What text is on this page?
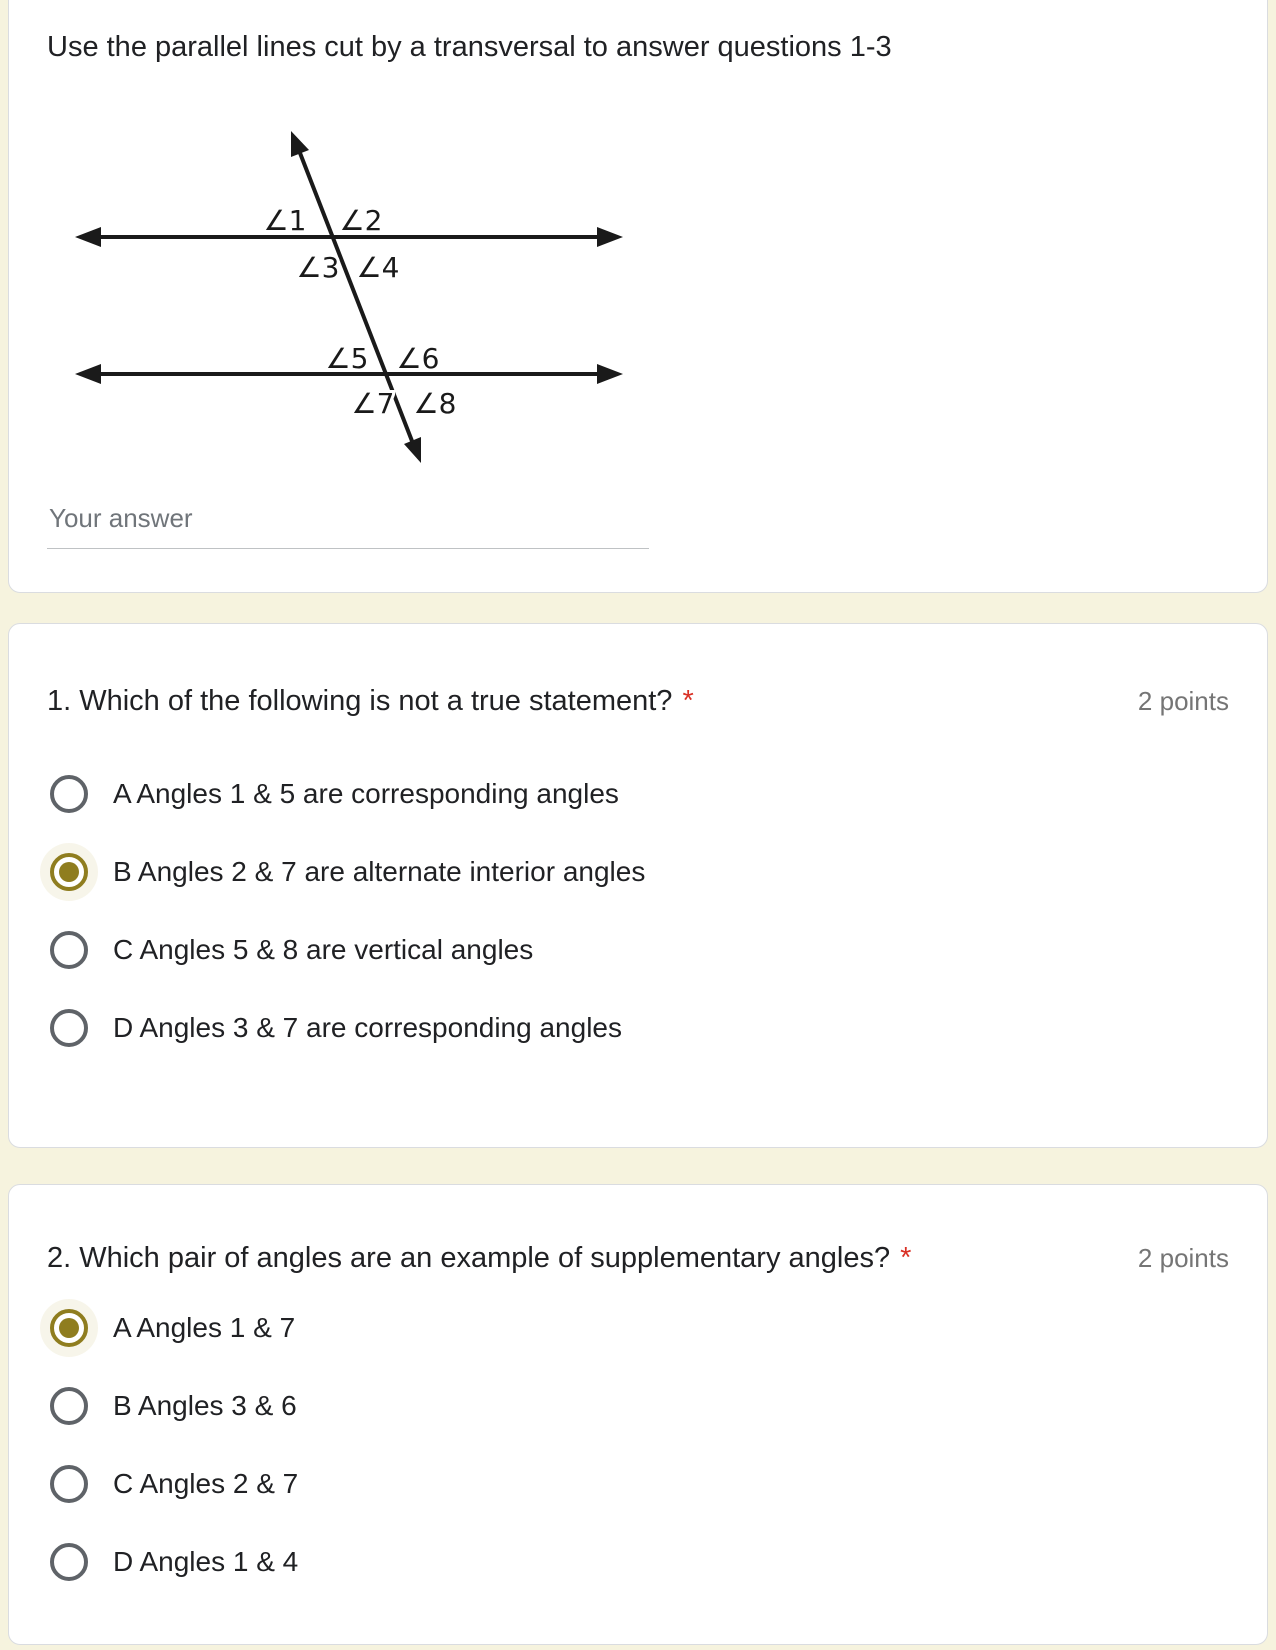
Use the parallel lines cut by a transversal to answer questions 1-3
∠1 ∠2
∠3 ∠4
∠5 ∠6
∠7 ∠8
Your answer
1. Which of the following is not a true statement? *	2 points
A Angles 1 & 5 are corresponding angles
B Angles 2 & 7 are alternate interior angles
C Angles 5 & 8 are vertical angles
D Angles 3 & 7 are corresponding angles
2. Which pair of angles are an example of supplementary angles? *	2 points
A Angles 1 & 7
B Angles 3 & 6
C Angles 2 & 7
D Angles 1 & 4
